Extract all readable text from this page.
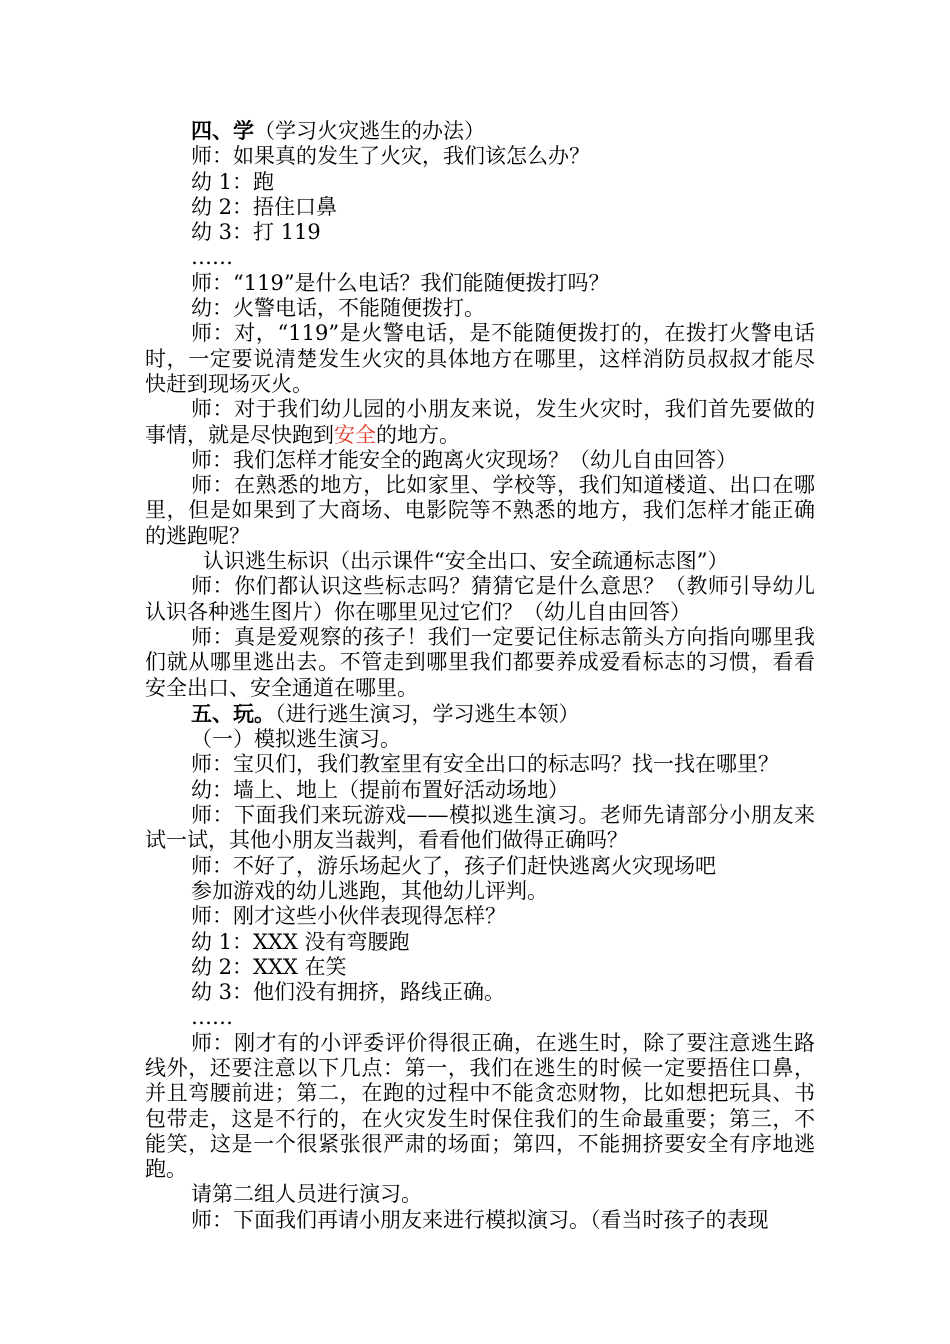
四、学（学习火灾逃生的办法）

师：如果真的发生了火灾，我们该怎么办？

幼 1：跑

幼 2：捂住口鼻

幼 3：打 119

……

师：“119”是什么电话？我们能随便拨打吗？

幼：火警电话，不能随便拨打。

师：对，“119”是火警电话，是不能随便拨打的，在拨打火警电话时，一定要说清楚发生火灾的具体地方在哪里，这样消防员叔叔才能尽快赶到现场灭火。

师：对于我们幼儿园的小朋友来说，发生火灾时，我们首先要做的事情，就是尽快跑到安全的地方。

师：我们怎样才能安全的跑离火灾现场？（幼儿自由回答）

师：在熟悉的地方，比如家里、学校等，我们知道楼道、出口在哪里，但是如果到了大商场、电影院等不熟悉的地方，我们怎样才能正确的逃跑呢？

认识逃生标识（出示课件“安全出口、安全疏通标志图”）

师：你们都认识这些标志吗？猜猜它是什么意思？（教师引导幼儿认识各种逃生图片）你在哪里见过它们？（幼儿自由回答）

师：真是爱观察的孩子！我们一定要记住标志箭头方向指向哪里我们就从哪里逃出去。不管走到哪里我们都要养成爱看标志的习惯，看看安全出口、安全通道在哪里。

五、玩。（进行逃生演习，学习逃生本领）

（一）模拟逃生演习。

师：宝贝们，我们教室里有安全出口的标志吗？找一找在哪里？

幼：墙上、地上（提前布置好活动场地）

师：下面我们来玩游戏——模拟逃生演习。老师先请部分小朋友来试一试，其他小朋友当裁判，看看他们做得正确吗？

师：不好了，游乐场起火了，孩子们赶快逃离火灾现场吧

参加游戏的幼儿逃跑，其他幼儿评判。

师：刚才这些小伙伴表现得怎样？

幼 1：XXX 没有弯腰跑

幼 2：XXX 在笑

幼 3：他们没有拥挤，路线正确。

……

师：刚才有的小评委评价得很正确，在逃生时，除了要注意逃生路线外，还要注意以下几点：第一，我们在逃生的时候一定要捂住口鼻，并且弯腰前进；第二，在跑的过程中不能贪恋财物，比如想把玩具、书包带走，这是不行的，在火灾发生时保住我们的生命最重要；第三，不能笑，这是一个很紧张很严肃的场面；第四，不能拥挤要安全有序地逃跑。

请第二组人员进行演习。

师：下面我们再请小朋友来进行模拟演习。（看当时孩子的表现
